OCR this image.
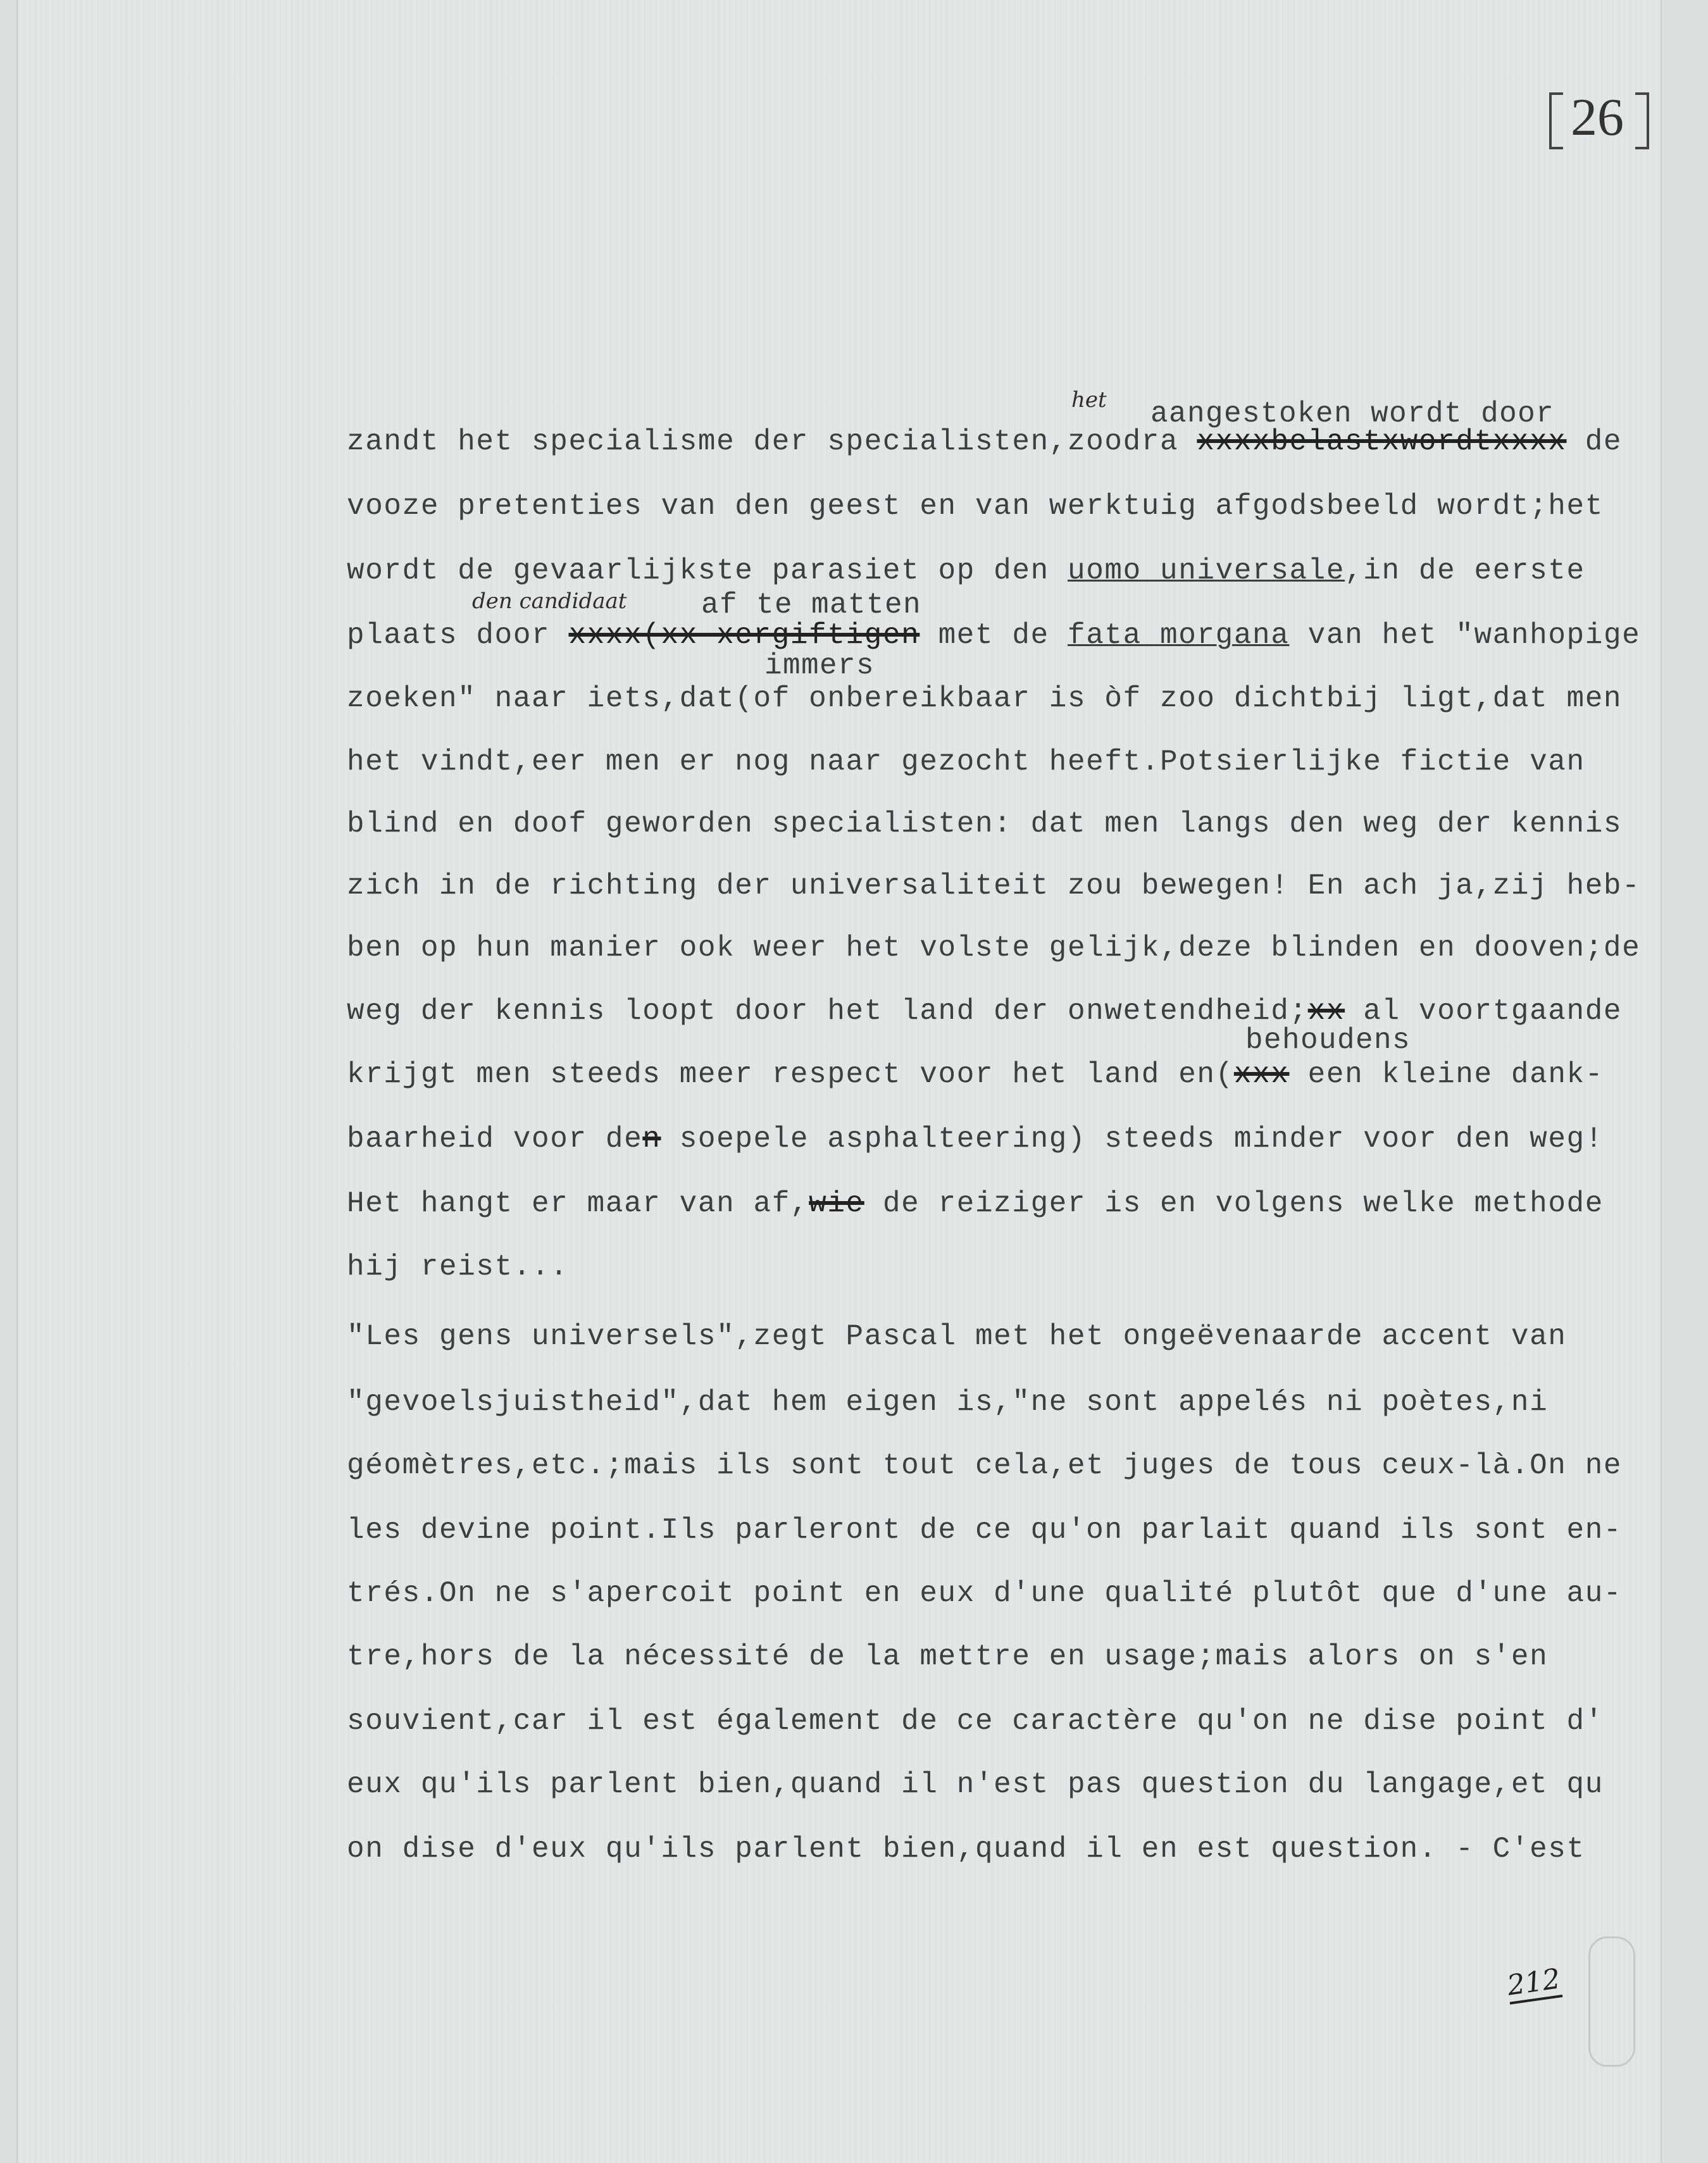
26
het aangestoken wordt door
den candidaat	af te matten
immers
behoudens
zandt het specialisme der specialisten,zoodra xxxxbelastxwordtxxxx de
vooze pretenties van den geest en van werktuig afgodsbeeld wordt;het
wordt de gevaarlijkste parasiet op den uomo universale,in de eerste
plaats door xxxx(xx xergiftigen met de fata morgana van het "wanhopige
zoeken" naar iets,dat(of onbereikbaar is òf zoo dichtbij ligt,dat men
het vindt,eer men er nog naar gezocht heeft.Potsierlijke fictie van
blind en doof geworden specialisten: dat men langs den weg der kennis
zich in de richting der universaliteit zou bewegen! En ach ja,zij heb-
ben op hun manier ook weer het volste gelijk,deze blinden en dooven;de
weg der kennis loopt door het land der onwetendheid;xx al voortgaande
krijgt men steeds meer respect voor het land en(xxx een kleine dank-
baarheid voor den soepele asphalteering) steeds minder voor den weg!
Het hangt er maar van af,wie de reiziger is en volgens welke methode
hij reist...
"Les gens universels",zegt Pascal met het ongeëvenaarde accent van
"gevoelsjuistheid",dat hem eigen is,"ne sont appelés ni poètes,ni
géomètres,etc.;mais ils sont tout cela,et juges de tous ceux-là.On ne
les devine point.Ils parleront de ce qu'on parlait quand ils sont en-
trés.On ne s'apercoit point en eux d'une qualité plutôt que d'une au-
tre,hors de la nécessité de la mettre en usage;mais alors on s'en
souvient,car il est également de ce caractère qu'on ne dise point d'
eux qu'ils parlent bien,quand il n'est pas question du langage,et qu
on dise d'eux qu'ils parlent bien,quand il en est question. - C'est
212
